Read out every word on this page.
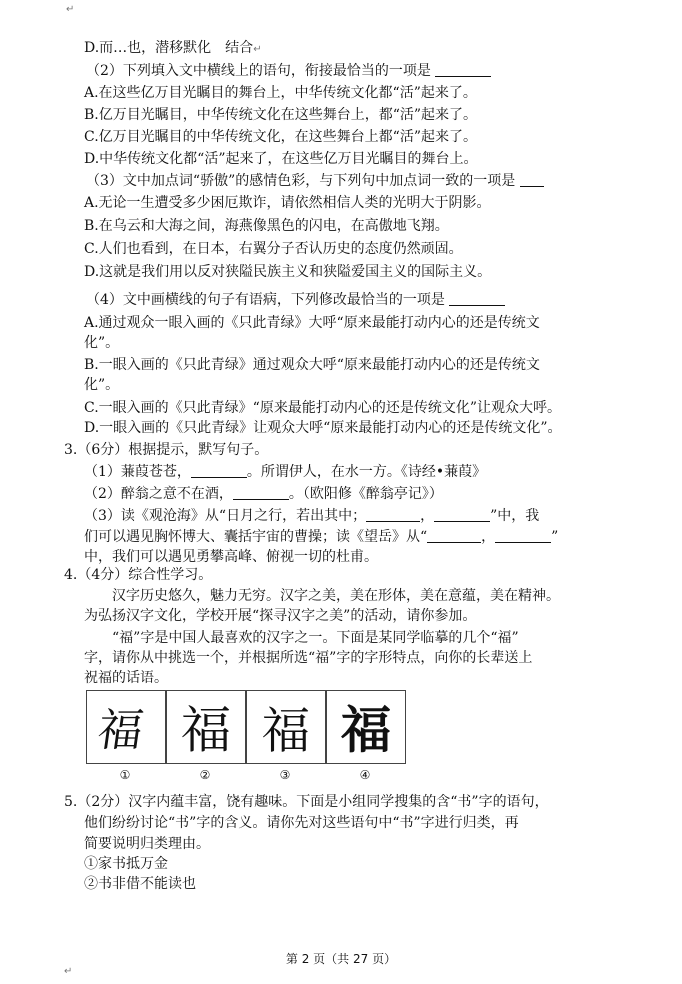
↵
D.而…也，潜移默化　结合↵
（2）下列填入文中横线上的语句，衔接最恰当的一项是
A.在这些亿万目光瞩目的舞台上，中华传统文化都“活”起来了。
B.亿万目光瞩目，中华传统文化在这些舞台上，都“活”起来了。
C.亿万目光瞩目的中华传统文化，在这些舞台上都“活”起来了。
D.中华传统文化都“活”起来了，在这些亿万目光瞩目的舞台上。
（3）文中加点词“骄傲”的感情色彩，与下列句中加点词一致的一项是
A.无论一生遭受多少困厄欺诈，请依然相信人类的光明大于阴影。
B.在乌云和大海之间，海燕像黑色的闪电，在高傲地飞翔。
C.人们也看到，在日本，右翼分子否认历史的态度仍然顽固。
D.这就是我们用以反对狭隘民族主义和狭隘爱国主义的国际主义。
（4）文中画横线的句子有语病，下列修改最恰当的一项是
A.通过观众一眼入画的《只此青绿》大呼“原来最能打动内心的还是传统文
化”。
B.一眼入画的《只此青绿》通过观众大呼“原来最能打动内心的还是传统文
化”。
C.一眼入画的《只此青绿》“原来最能打动内心的还是传统文化”让观众大呼。
D.一眼入画的《只此青绿》让观众大呼“原来最能打动内心的还是传统文化”。
3.（6分）根据提示，默写句子。
（1）蒹葭苍苍，	。所谓伊人，在水一方。《诗经•蒹葭》
（2）醉翁之意不在酒，	。（欧阳修《醉翁亭记》）
（3）读《观沧海》从“日月之行，若出其中；	，	”中，我
们可以遇见胸怀博大、囊括宇宙的曹操；读《望岳》从“	，	”
中，我们可以遇见勇攀高峰、俯视一切的杜甫。
4.（4分）综合性学习。
汉字历史悠久，魅力无穷。汉字之美，美在形体，美在意蕴，美在精神。
为弘扬汉字文化，学校开展“探寻汉字之美”的活动，请你参加。
“福”字是中国人最喜欢的汉字之一。下面是某同学临摹的几个“福”
字，请你从中挑选一个，并根据所选“福”字的字形特点，向你的长辈送上
祝福的话语。
福 福 福 福
①	②	③	④
5.（2分）汉字内蕴丰富，饶有趣味。下面是小组同学搜集的含“书”字的语句，
他们纷纷讨论“书”字的含义。请你先对这些语句中“书”字进行归类，再
简要说明归类理由。
①家书抵万金
②书非借不能读也
第 2 页（共 27 页）
↵
